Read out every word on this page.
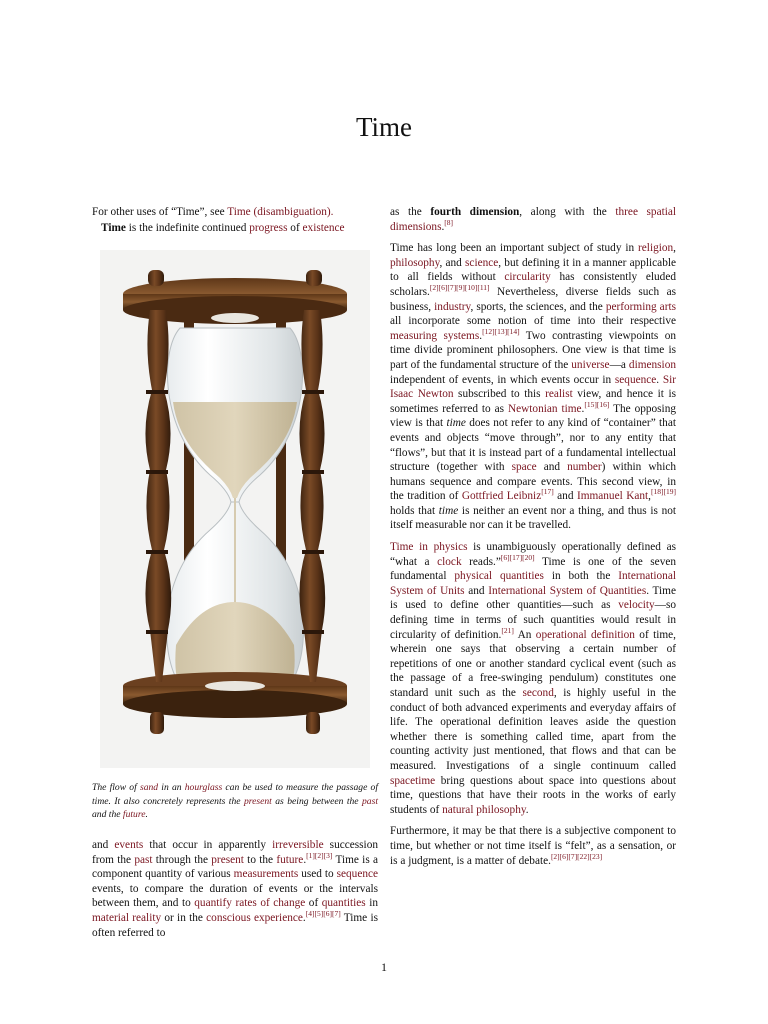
Time

For other uses of “Time”, see Time (disambiguation).

Time is the indefinite continued progress of existence

The flow of sand in an hourglass can be used to measure the passage of time. It also concretely represents the present as being between the past and the future.
and events that occur in apparently irreversible succession from the past through the present to the future.[1][2][3] Time is a component quantity of various measurements used to sequence events, to compare the duration of events or the intervals between them, and to quantify rates of change of quantities in material reality or in the conscious experience.[4][5][6][7] Time is often referred to

as the fourth dimension, along with the three spatial dimensions.[8]

Time has long been an important subject of study in religion, philosophy, and science, but defining it in a manner applicable to all fields without circularity has consistently eluded scholars.[2][6][7][9][10][11] Nevertheless, diverse fields such as business, industry, sports, the sciences, and the performing arts all incorporate some notion of time into their respective measuring systems.[12][13][14] Two contrasting viewpoints on time divide prominent philosophers. One view is that time is part of the fundamental structure of the universe—a dimension independent of events, in which events occur in sequence. Sir Isaac Newton subscribed to this realist view, and hence it is sometimes referred to as Newtonian time.[15][16] The opposing view is that time does not refer to any kind of “container” that events and objects “move through”, nor to any entity that “flows”, but that it is instead part of a fundamental intellectual structure (together with space and number) within which humans sequence and compare events. This second view, in the tradition of Gottfried Leibniz[17] and Immanuel Kant,[18][19] holds that time is neither an event nor a thing, and thus is not itself measurable nor can it be travelled.

Time in physics is unambiguously operationally defined as “what a clock reads.”[6][17][20] Time is one of the seven fundamental physical quantities in both the International System of Units and International System of Quantities. Time is used to define other quantities—such as velocity—so defining time in terms of such quantities would result in circularity of definition.[21] An operational definition of time, wherein one says that observing a certain number of repetitions of one or another standard cyclical event (such as the passage of a free-swinging pendulum) constitutes one standard unit such as the second, is highly useful in the conduct of both advanced experiments and everyday affairs of life. The operational definition leaves aside the question whether there is something called time, apart from the counting activity just mentioned, that flows and that can be measured. Investigations of a single continuum called spacetime bring questions about space into questions about time, questions that have their roots in the works of early students of natural philosophy.

Furthermore, it may be that there is a subjective component to time, but whether or not time itself is “felt”, as a sensation, or is a judgment, is a matter of debate.[2][6][7][22][23]

1
